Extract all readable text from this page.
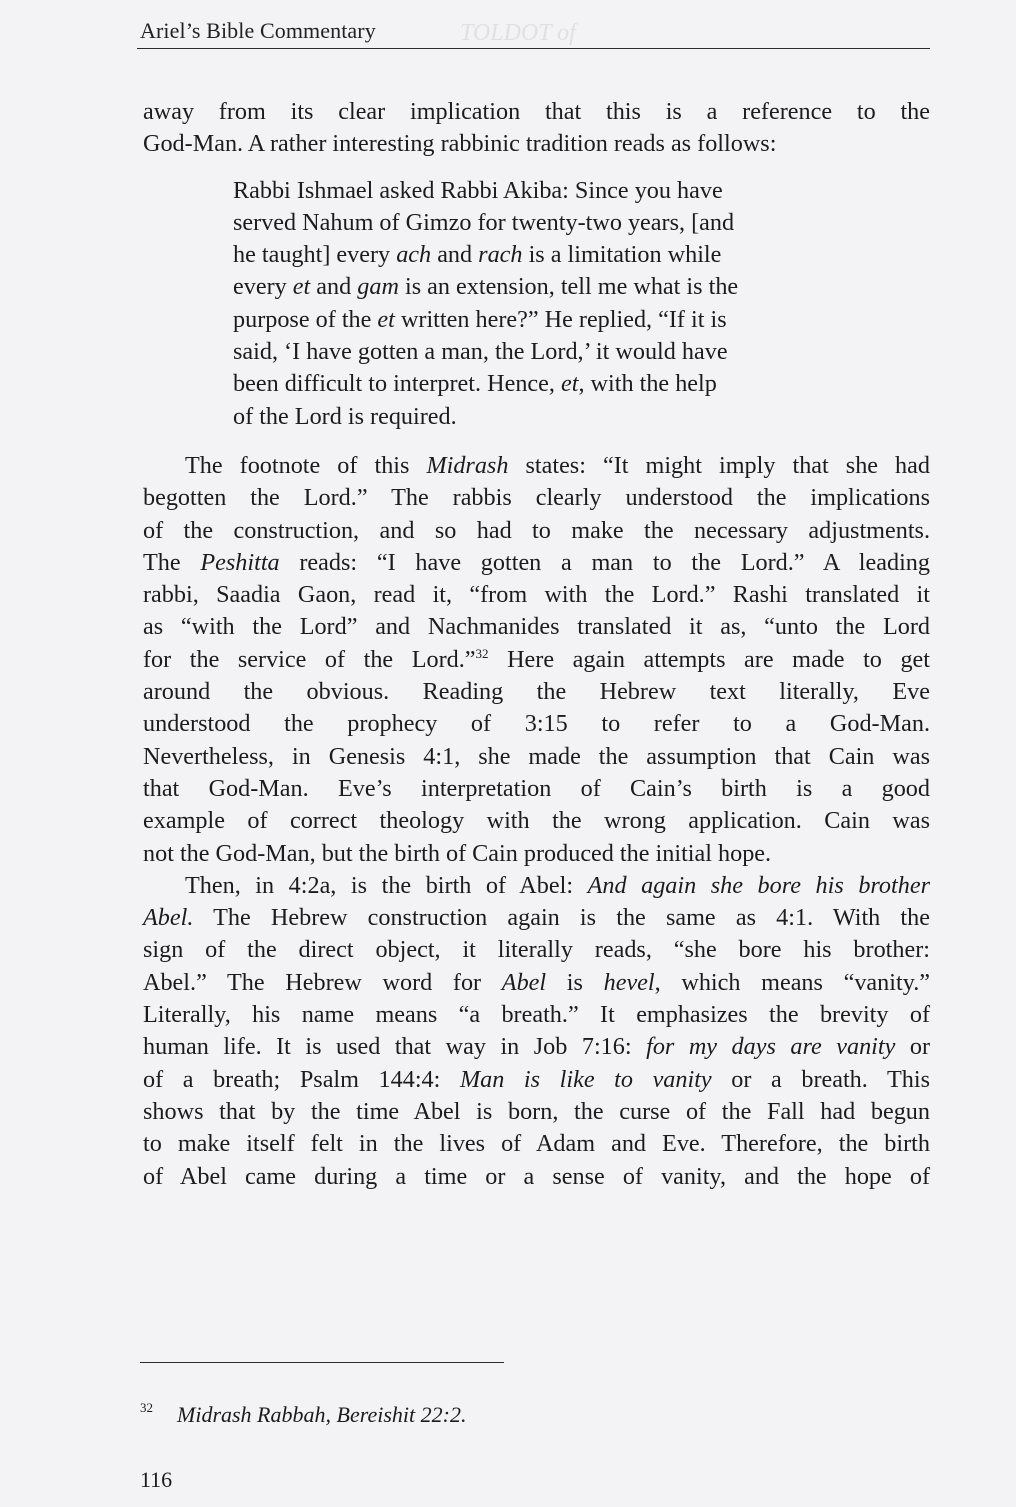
TOLDOT of
Ariel’s Bible Commentary

away from its clear implication that this is a reference to the
God-Man. A rather interesting rabbinic tradition reads as follows:

Rabbi Ishmael asked Rabbi Akiba: Since you have
served Nahum of Gimzo for twenty-two years, [and
he taught] every ach and rach is a limitation while
every et and gam is an extension, tell me what is the
purpose of the et written here?” He replied, “If it is
said, ‘I have gotten a man, the Lord,’ it would have
been difficult to interpret. Hence, et, with the help
of the Lord is required.

The footnote of this Midrash states: “It might imply that she had
begotten the Lord.” The rabbis clearly understood the implications
of the construction, and so had to make the necessary adjustments.
The Peshitta reads: “I have gotten a man to the Lord.” A leading
rabbi, Saadia Gaon, read it, “from with the Lord.” Rashi translated it
as “with the Lord” and Nachmanides translated it as, “unto the Lord
for the service of the Lord.”$^{32}$ Here again attempts are made to get
around the obvious. Reading the Hebrew text literally, Eve
understood the prophecy of 3:15 to refer to a God-Man.
Nevertheless, in Genesis 4:1, she made the assumption that Cain was
that God-Man. Eve’s interpretation of Cain’s birth is a good
example of correct theology with the wrong application. Cain was
not the God-Man, but the birth of Cain produced the initial hope.

Then, in 4:2a, is the birth of Abel: And again she bore his brother
Abel. The Hebrew construction again is the same as 4:1. With the
sign of the direct object, it literally reads, “she bore his brother:
Abel.” The Hebrew word for Abel is hevel, which means “vanity.”
Literally, his name means “a breath.” It emphasizes the brevity of
human life. It is used that way in Job 7:16: for my days are vanity or
of a breath; Psalm 144:4: Man is like to vanity or a breath. This
shows that by the time Abel is born, the curse of the Fall had begun
to make itself felt in the lives of Adam and Eve. Therefore, the birth
of Abel came during a time or a sense of vanity, and the hope of

$^{32}$ Midrash Rabbah, Bereishit 22:2.
116
